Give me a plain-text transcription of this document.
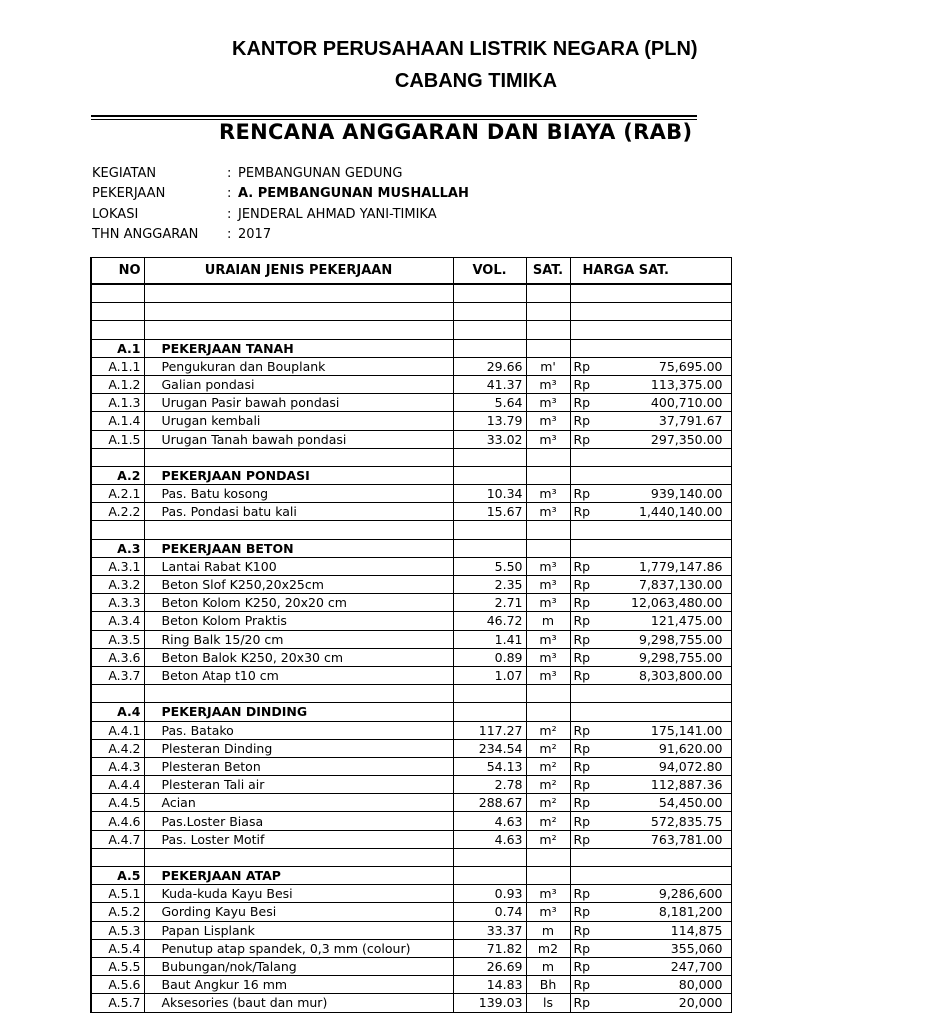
KANTOR PERUSAHAAN LISTRIK NEGARA (PLN)
CABANG TIMIKA
RENCANA ANGGARAN DAN BIAYA (RAB)
KEGIATAN	: PEMBANGUNAN GEDUNG
PEKERJAAN	: A. PEMBANGUNAN MUSHALLAH
LOKASI	: JENDERAL AHMAD YANI-TIMIKA
THN ANGGARAN : 2017
NO	URAIAN JENIS PEKERJAAN	VOL.	SAT.	HARGA SAT.

A.1	PEKERJAAN TANAH			
A.1.1	Pengukuran dan Bouplank	29.66	m'	Rp 75,695.00

A.1.2	Galian pondasi	41.37	m³	Rp 113,375.00

A.1.3	Urugan Pasir bawah pondasi	5.64	m³	Rp 400,710.00

A.1.4	Urugan kembali	13.79	m³	Rp 37,791.67

A.1.5	Urugan Tanah bawah pondasi	33.02	m³	Rp 297,350.00

A.2	PEKERJAAN PONDASI			
A.2.1	Pas. Batu kosong	10.34	m³	Rp 939,140.00

A.2.2	Pas. Pondasi batu kali	15.67	m³	Rp 1,440,140.00

A.3	PEKERJAAN BETON			
A.3.1	Lantai Rabat K100	5.50	m³	Rp 1,779,147.86

A.3.2	Beton Slof K250,20x25cm	2.35	m³	Rp 7,837,130.00

A.3.3	Beton Kolom K250, 20x20 cm	2.71	m³	Rp 12,063,480.00

A.3.4	Beton Kolom Praktis	46.72	m	Rp 121,475.00

A.3.5	Ring Balk 15/20 cm	1.41	m³	Rp 9,298,755.00

A.3.6	Beton Balok K250, 20x30 cm	0.89	m³	Rp 9,298,755.00

A.3.7	Beton Atap t10 cm	1.07	m³	Rp 8,303,800.00

A.4	PEKERJAAN DINDING			
A.4.1	Pas. Batako	117.27	m²	Rp 175,141.00

A.4.2	Plesteran Dinding	234.54	m²	Rp 91,620.00

A.4.3	Plesteran Beton	54.13	m²	Rp 94,072.80

A.4.4	Plesteran Tali air	2.78	m²	Rp 112,887.36

A.4.5	Acian	288.67	m²	Rp 54,450.00

A.4.6	Pas.Loster Biasa	4.63	m²	Rp 572,835.75

A.4.7	Pas. Loster Motif	4.63	m²	Rp 763,781.00

A.5	PEKERJAAN ATAP			
A.5.1	Kuda-kuda Kayu Besi	0.93	m³	Rp 9,286,600

A.5.2	Gording Kayu Besi	0.74	m³	Rp 8,181,200

A.5.3	Papan Lisplank	33.37	m	Rp 114,875

A.5.4	Penutup atap spandek, 0,3 mm (colour)	71.82	m2	Rp 355,060

A.5.5	Bubungan/nok/Talang	26.69	m	Rp 247,700

A.5.6	Baut Angkur 16 mm	14.83	Bh	Rp 80,000

A.5.7	Aksesories (baut dan mur)	139.03	ls	Rp 20,000
